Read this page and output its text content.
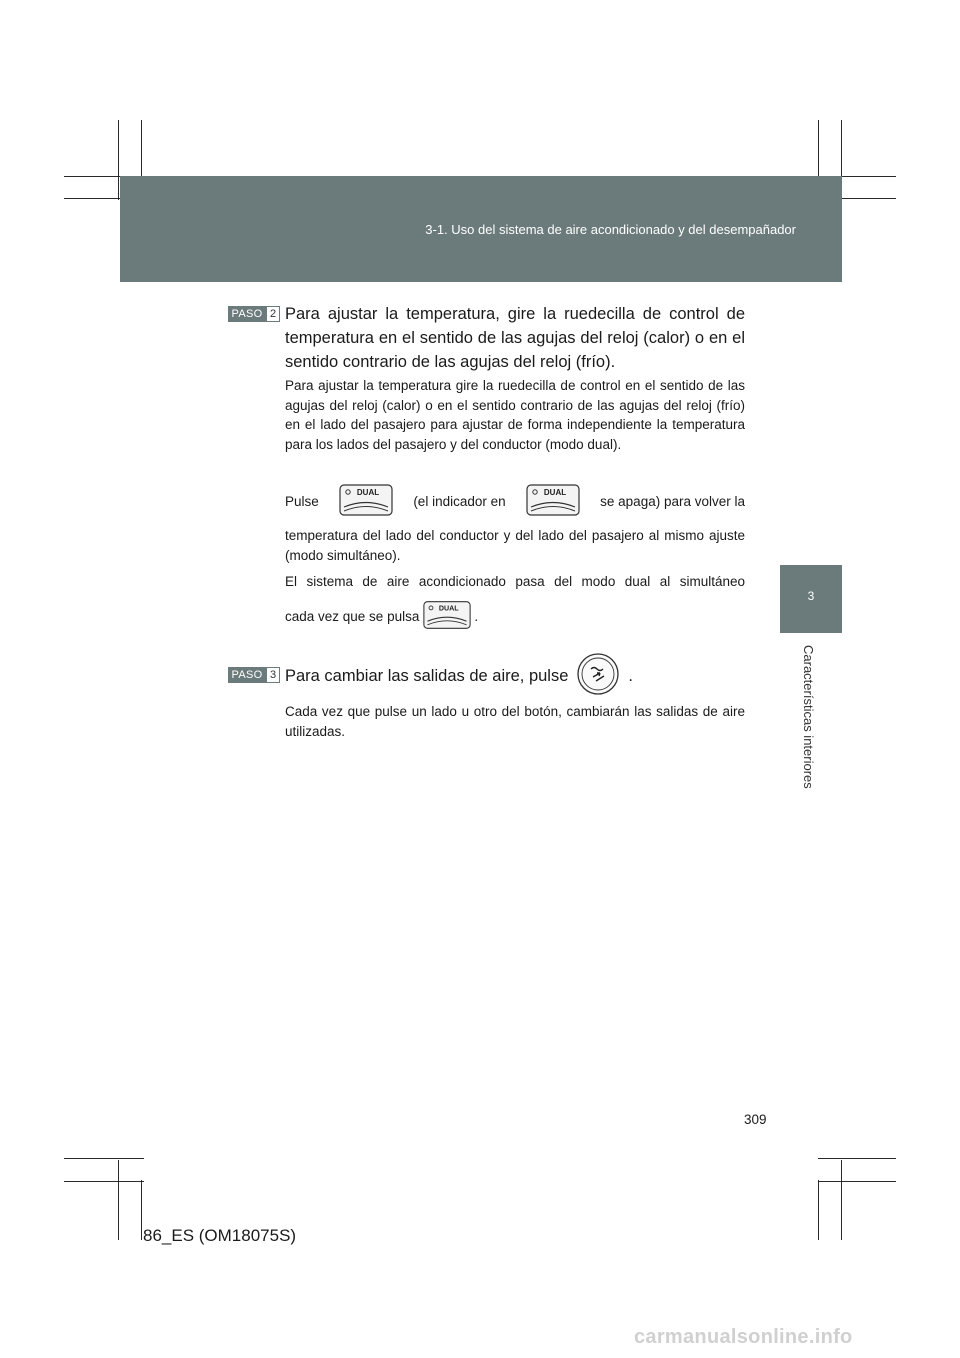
3-1. Uso del sistema de aire acondicionado y del desempañador
3
Características interiores
PASO 2 Para ajustar la temperatura, gire la ruedecilla de control de temperatura en el sentido de las agujas del reloj (calor) o en el sentido contrario de las agujas del reloj (frío).
Para ajustar la temperatura gire la ruedecilla de control en el sentido de las agujas del reloj (calor) o en el sentido contrario de las agujas del reloj (frío) en el lado del pasajero para ajustar de forma independiente la temperatura para los lados del pasajero y del conductor (modo dual).
Pulse
DUAL
(el indicador en
DUAL
se apaga) para volver la
temperatura del lado del conductor y del lado del pasajero al mismo ajuste (modo simultáneo).
El sistema de aire acondicionado pasa del modo dual al simultáneo
cada vez que se pulsa
DUAL
.
PASO 3 Para cambiar las salidas de aire, pulse	.
Cada vez que pulse un lado u otro del botón, cambiarán las salidas de aire utilizadas.
309
86_ES (OM18075S)
carmanualsonline.info
